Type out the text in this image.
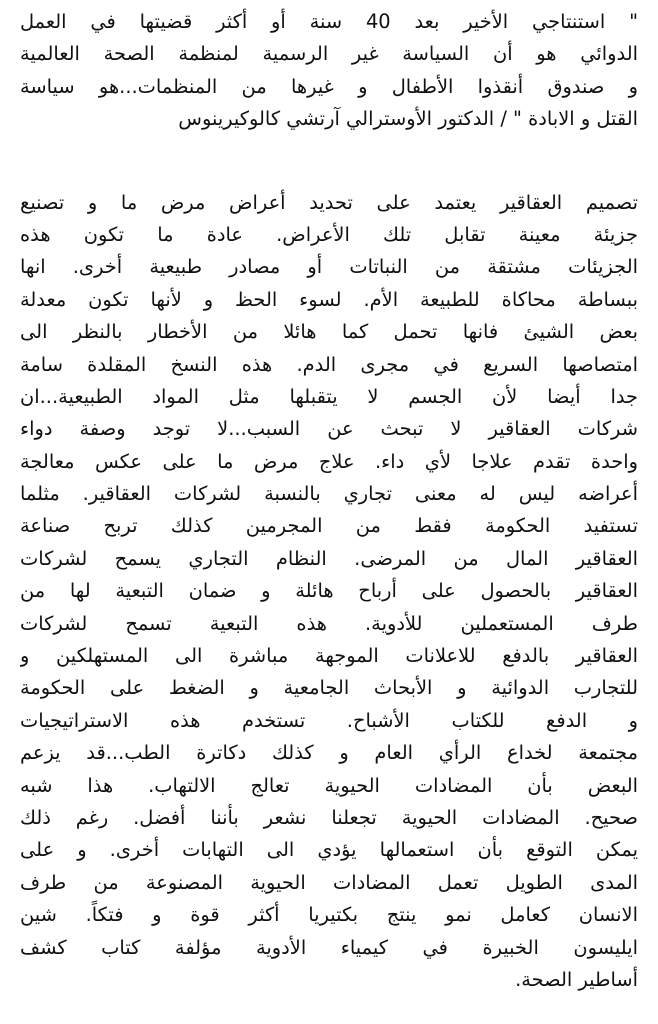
" استنتاجي الأخير بعد 40 سنة أو أكثر قضيتها في العمل
الدوائي هو أن السياسة غير الرسمية لمنظمة الصحة العالمية
و صندوق أنقذوا الأطفال و غيرها من المنظمات...هو سياسة
القتل و الابادة " / الدكتور الأوسترالي آرتشي كالوكيرينوس
تصميم العقاقير يعتمد على تحديد أعراض مرض ما و تصنيع
جزيئة معينة تقابل تلك الأعراض. عادة ما تكون هذه
الجزيئات مشتقة من النباتات أو مصادر طبيعية أخرى. انها
ببساطة محاكاة للطبيعة الأم. لسوء الحظ و لأنها تكون معدلة
بعض الشيئ فانها تحمل كما هائلا من الأخطار بالنظر الى
امتصاصها السريع في مجرى الدم. هذه النسخ المقلدة سامة
جدا أيضا لأن الجسم لا يتقبلها مثل المواد الطبيعية...ان
شركات العقاقير لا تبحث عن السبب...لا توجد وصفة دواء
واحدة تقدم علاجا لأي داء. علاج مرض ما على عكس معالجة
أعراضه ليس له معنى تجاري بالنسبة لشركات العقاقير. مثلما
تستفيد الحكومة فقط من المجرمين كذلك تربح صناعة
العقاقير المال من المرضى. النظام التجاري يسمح لشركات
العقاقير بالحصول على أرباح هائلة و ضمان التبعية لها من
طرف المستعملين للأدوية. هذه التبعية تسمح لشركات
العقاقير بالدفع للاعلانات الموجهة مباشرة الى المستهلكين و
للتجارب الدوائية و الأبحاث الجامعية و الضغط على الحكومة
و الدفع للكتاب الأشباح. تستخدم هذه الاستراتيجيات
مجتمعة لخداع الرأي العام و كذلك دكاترة الطب...قد يزعم
البعض بأن المضادات الحيوية تعالج الالتهاب. هذا شبه
صحيح. المضادات الحيوية تجعلنا نشعر بأننا أفضل. رغم ذلك
يمكن التوقع بأن استعمالها يؤدي الى التهابات أخرى. و على
المدى الطويل تعمل المضادات الحيوية المصنوعة من طرف
الانسان كعامل نمو ينتج بكتيريا أكثر قوة و فتكاً. شين
ايليسون الخبيرة في كيمياء الأدوية مؤلفة كتاب كشف
أساطير الصحة.
